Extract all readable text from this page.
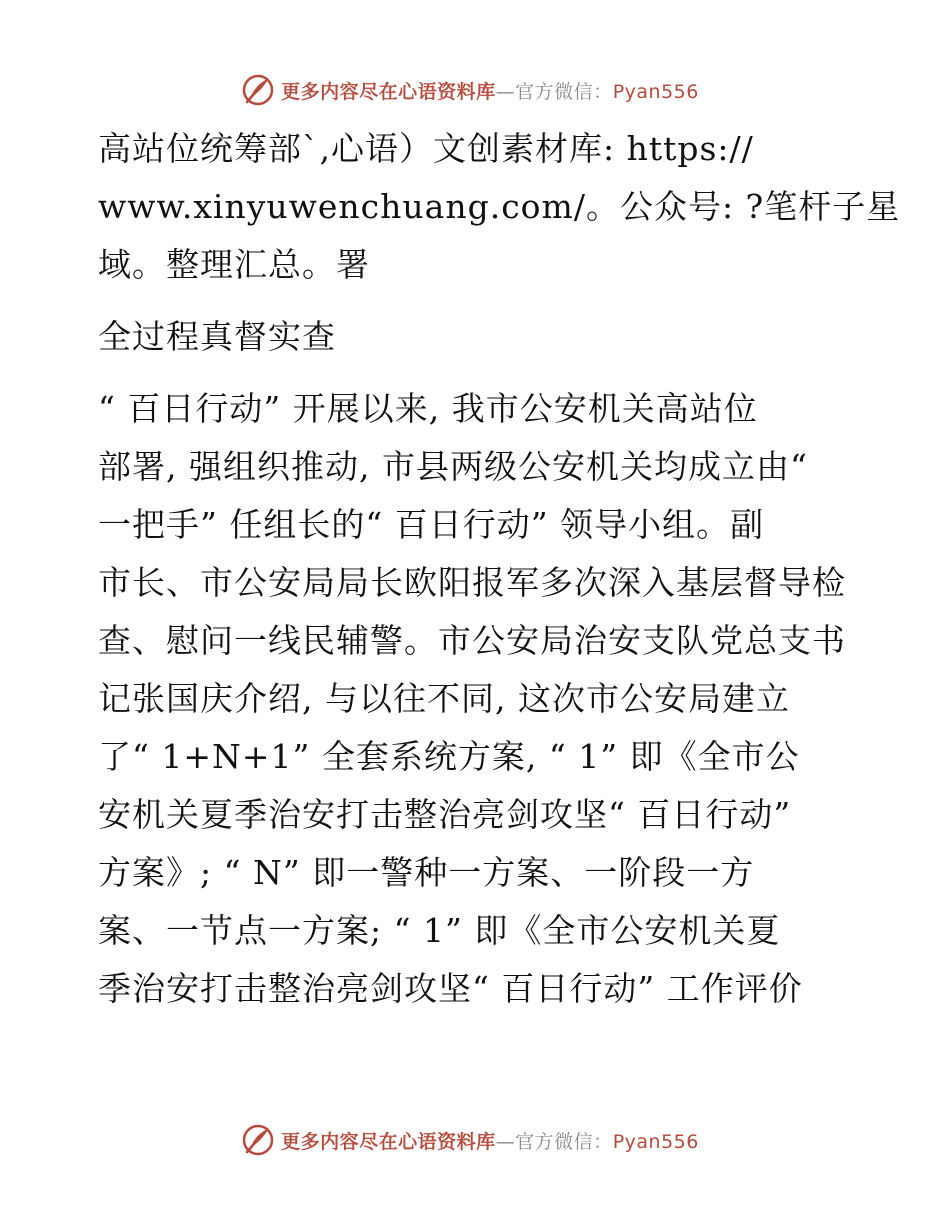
更多内容尽在心语资料库—官方微信：Pyan556
高站位统筹部`,心语）文创素材库: https://
www.xinyuwenchuang.com/。公众号: ?笔杆子星
域。整理汇总。署
全过程真督实查
“ 百日行动” 开展以来, 我市公安机关高站位
部署, 强组织推动, 市县两级公安机关均成立由“
一把手” 任组长的“ 百日行动” 领导小组。副
市长、市公安局局长欧阳报军多次深入基层督导检
查、慰问一线民辅警。市公安局治安支队党总支书
记张国庆介绍, 与以往不同, 这次市公安局建立
了“ 1+N+1” 全套系统方案, “ 1” 即《全市公
安机关夏季治安打击整治亮剑攻坚“ 百日行动”
方案》; “ N” 即一警种一方案、一阶段一方
案、一节点一方案; “ 1” 即《全市公安机关夏
季治安打击整治亮剑攻坚“ 百日行动” 工作评价
更多内容尽在心语资料库—官方微信：Pyan556
